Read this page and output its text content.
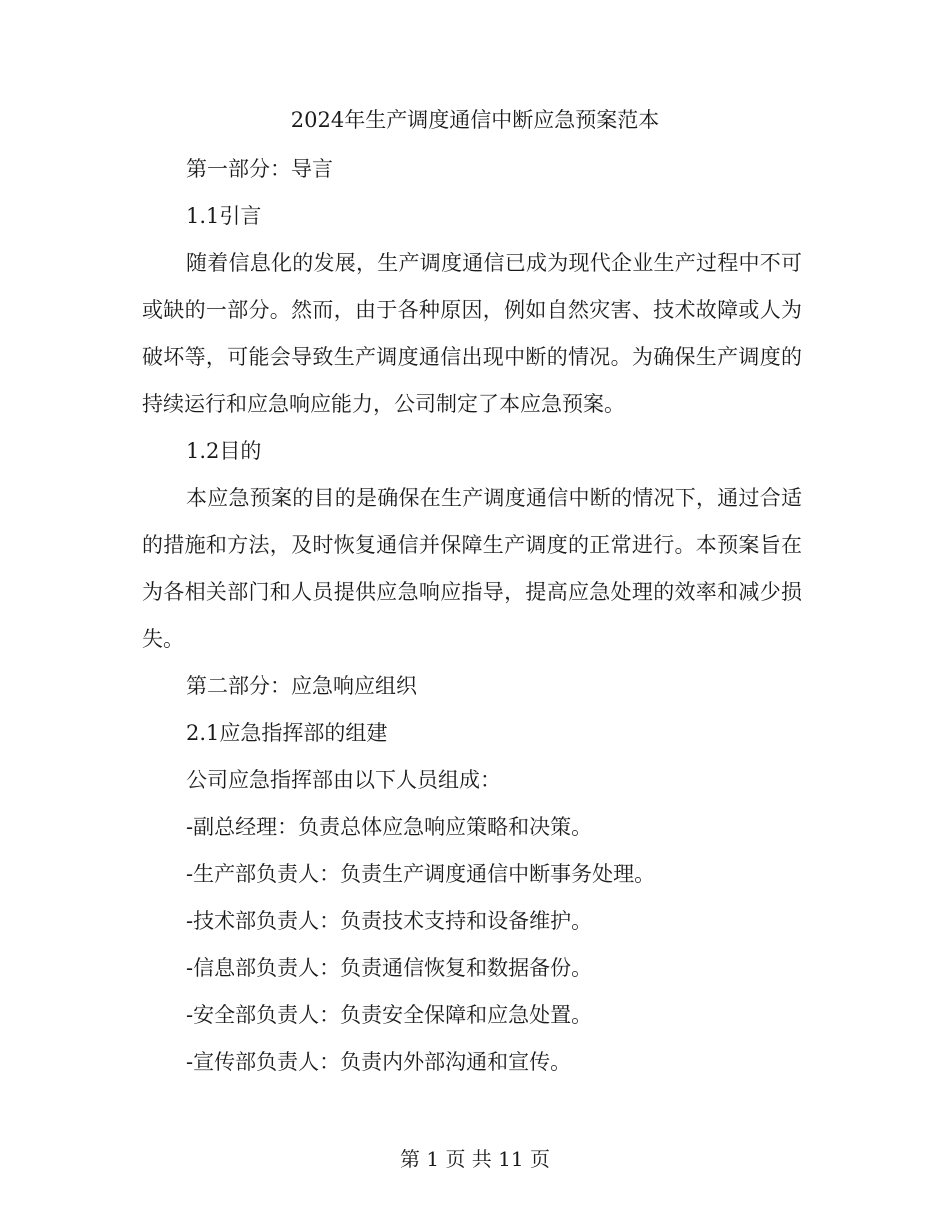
2024年生产调度通信中断应急预案范本

第一部分：导言

1.1引言

随着信息化的发展，生产调度通信已成为现代企业生产过程中不可或缺的一部分。然而，由于各种原因，例如自然灾害、技术故障或人为破坏等，可能会导致生产调度通信出现中断的情况。为确保生产调度的持续运行和应急响应能力，公司制定了本应急预案。

1.2目的

本应急预案的目的是确保在生产调度通信中断的情况下，通过合适的措施和方法，及时恢复通信并保障生产调度的正常进行。本预案旨在为各相关部门和人员提供应急响应指导，提高应急处理的效率和减少损失。

第二部分：应急响应组织

2.1应急指挥部的组建

公司应急指挥部由以下人员组成：

-副总经理：负责总体应急响应策略和决策。

-生产部负责人：负责生产调度通信中断事务处理。

-技术部负责人：负责技术支持和设备维护。

-信息部负责人：负责通信恢复和数据备份。

-安全部负责人：负责安全保障和应急处置。

-宣传部负责人：负责内外部沟通和宣传。

第 1 页 共 11 页
